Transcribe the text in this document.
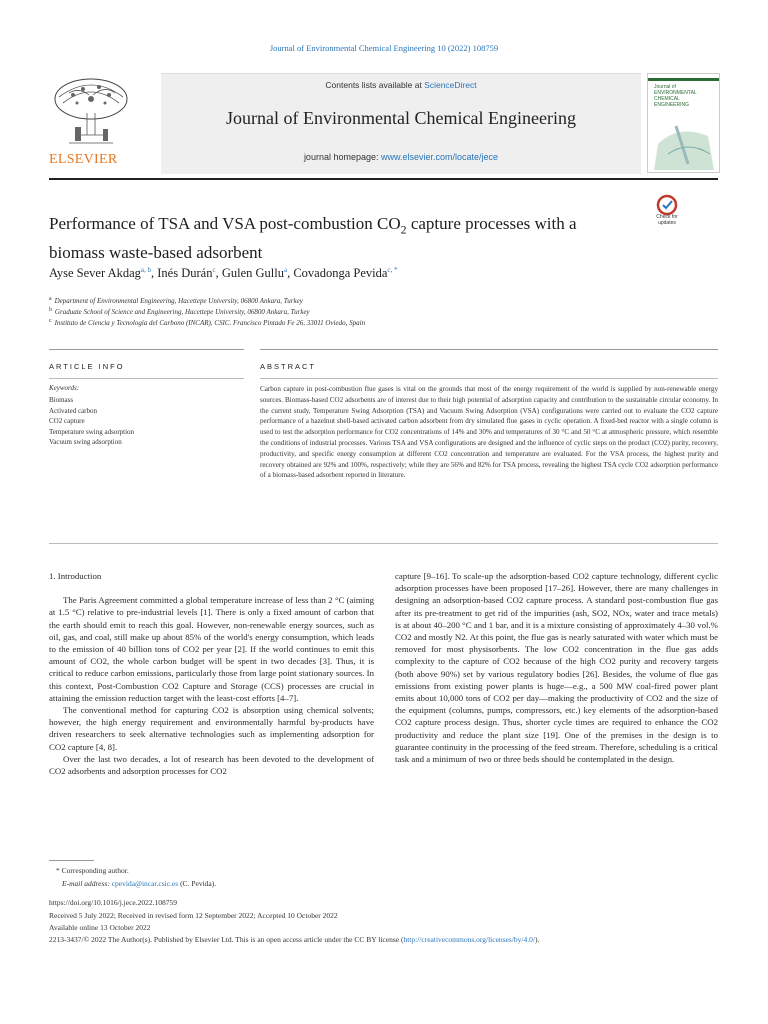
Journal of Environmental Chemical Engineering 10 (2022) 108759
ELSEVIER
Contents lists available at ScienceDirect
Journal of Environmental Chemical Engineering
journal homepage: www.elsevier.com/locate/jece
Journal of ENVIRONMENTAL CHEMICAL ENGINEERING
Check for updates
Performance of TSA and VSA post-combustion $CO_2$ capture processes with a
biomass waste-based adsorbent
Ayse Sever Akdag$^{a, b}$, Inés Durán$^c$, Gulen Gullu$^a$, Covadonga Pevida$^{c, *}$
$^a$ Department of Environmental Engineering, Hacettepe University, 06800 Ankara, Turkey
$^b$ Graduate School of Science and Engineering, Hacettepe University, 06800 Ankara, Turkey
$^c$ Instituto de Ciencia y Tecnología del Carbono (INCAR), CSIC. Francisco Pintado Fe 26, 33011 Oviedo, Spain
ARTICLE INFO	ABSTRACT
Keywords:
Biomass
Activated carbon
CO2 capture
Temperature swing adsorption
Vacuum swing adsorption
Carbon capture in post-combustion flue gases is vital on the grounds that most of the energy requirement of the world is supplied by non-renewable energy sources. Biomass-based CO2 adsorbents are of interest due to their high potential of adsorption capacity and contribution to the sustainable circular economy. In the current study, Temperature Swing Adsorption (TSA) and Vacuum Swing Adsorption (VSA) configurations were carried out to evaluate the CO2 capture performance of a hazelnut shell-based activated carbon adsorbent from dry simulated flue gases in cyclic operation. A fixed-bed reactor with a single column is used to test the adsorption performance for CO2 concentrations of 14% and 30% and temperatures of 30 °C and 50 °C at atmospheric pressure, which resemble the conditions of industrial processes. Various TSA and VSA configurations are designed and the influence of cyclic steps on the product (CO2) purity, recovery, productivity, and specific energy consumption at different CO2 concentration and temperature are evaluated. For the VSA process, the highest purity and recovery obtained are 92% and 100%, respectively; while they are 56% and 82% for TSA process, revealing the highest TSA cycle CO2 adsorption performance of a biomass-based adsorbent reported in literature.
1. Introduction

The Paris Agreement committed a global temperature increase of less than 2 °C (aiming at 1.5 °C) relative to pre-industrial levels [1]. There is only a fixed amount of carbon that the earth should emit to reach this goal. However, non-renewable energy sources, such as oil, gas, and coal, still make up about 85% of the world's energy consumption, which leads to the emission of 40 billion tons of CO2 per year [2]. If the world continues to emit this amount of CO2, the whole carbon budget will be spent in two decades [3]. Thus, it is critical to reduce carbon emissions, particularly those from large point stationary sources. In this context, Post-Combustion CO2 Capture and Storage (CCS) processes are crucial in attaining the emission reduction target with the least-cost efforts [4–7].

The conventional method for capturing CO2 is absorption using chemical solvents; however, the high energy requirement and environmentally harmful by-products have driven researchers to seek alternative technologies such as implementing adsorption for CO2 capture [4, 8].

Over the last two decades, a lot of research has been devoted to the development of CO2 adsorbents and adsorption processes for CO2

capture [9–16]. To scale-up the adsorption-based CO2 capture technology, different cyclic adsorption processes have been proposed [17–26]. However, there are many challenges in designing an adsorption-based CO2 capture process. A standard post-combustion flue gas after its pre-treatment to get rid of the impurities (ash, SO2, NOx, water and trace metals) is at about 40–200 °C and 1 bar, and it is a mixture consisting of approximately 4–30 vol.% CO2 and mostly N2. At this point, the flue gas is nearly saturated with water which must be removed for most physisorbents. The low CO2 concentration in the flue gas adds complexity to the capture of CO2 because of the high CO2 purity and recovery targets (both above 90%) set by various regulatory bodies [26]. Besides, the volume of flue gas emissions from existing power plants is huge—e.g., a 500 MW coal-fired power plant emits about 10,000 tons of CO2 per day—making the productivity of CO2 and the size of the equipment (columns, pumps, compressors, etc.) key elements of the adsorption-based CO2 capture process design. Thus, shorter cycle times are required to enhance the CO2 productivity and reduce the plant size [19]. One of the premises in the design is to guarantee continuity in the processing of the feed stream. Therefore, scheduling is a critical task and a minimum of two or three beds should be contemplated in the design.

* Corresponding author.
E-mail address: cpevida@incar.csic.es (C. Pevida).
https://doi.org/10.1016/j.jece.2022.108759
Received 5 July 2022; Received in revised form 12 September 2022; Accepted 10 October 2022
Available online 13 October 2022
2213-3437/© 2022 The Author(s). Published by Elsevier Ltd. This is an open access article under the CC BY license (http://creativecommons.org/licenses/by/4.0/).
